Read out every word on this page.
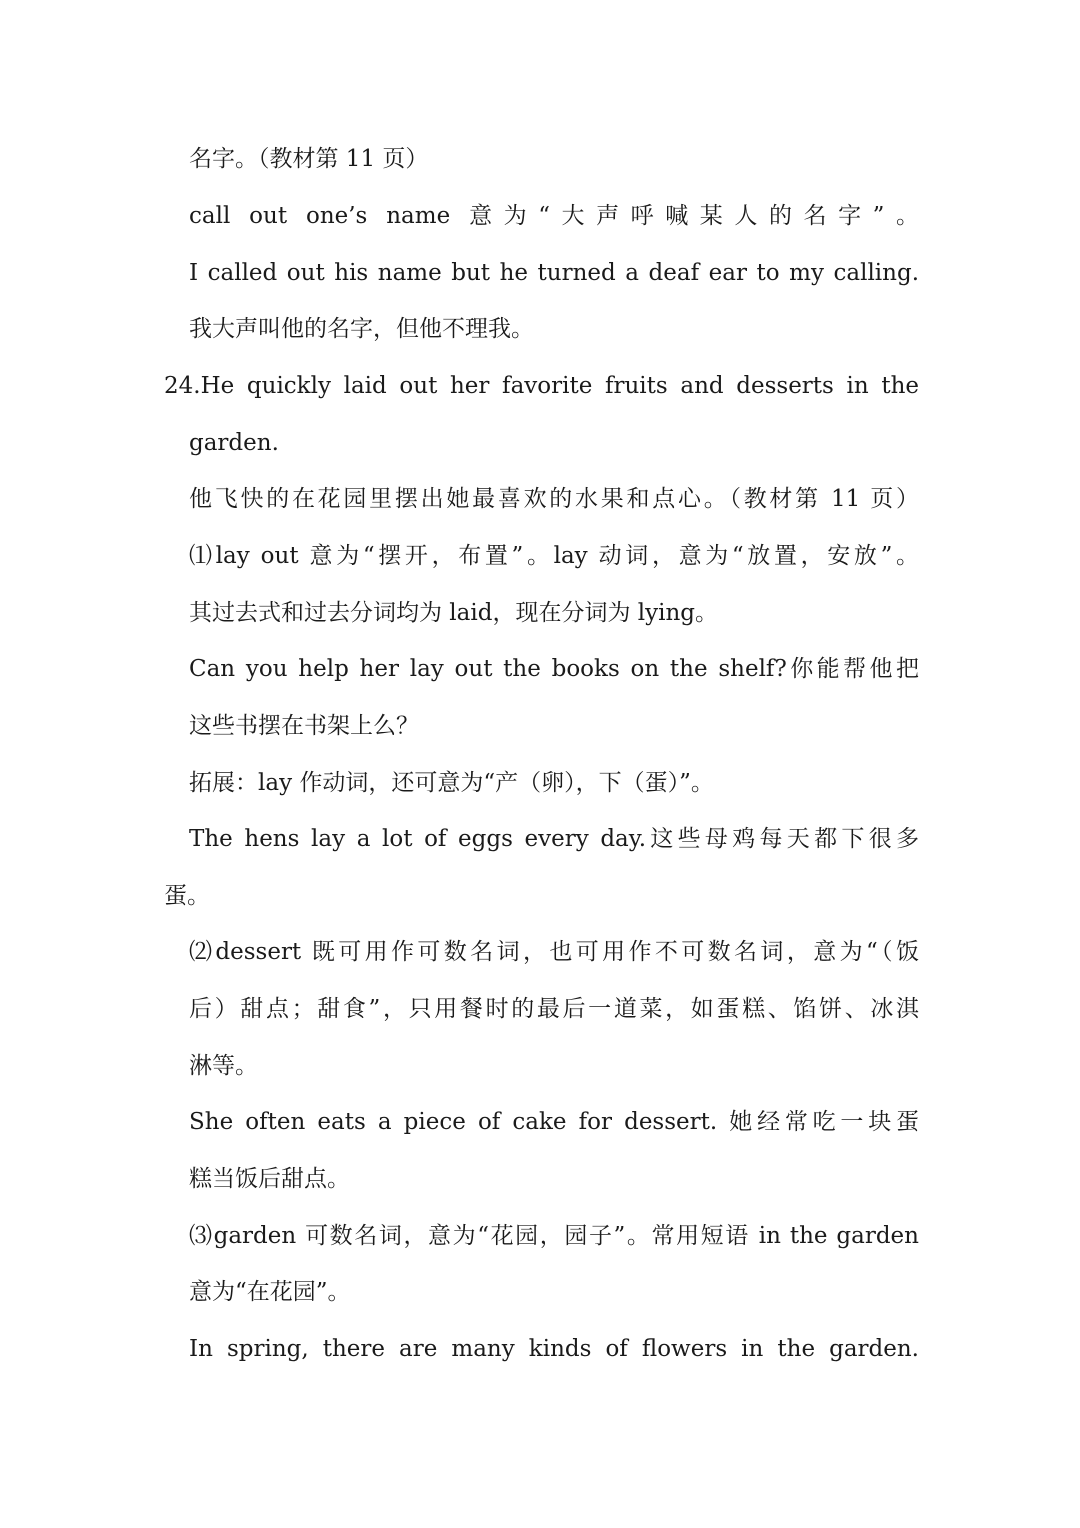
名字。（教材第 11 页）
call out one’s name 意为“大声呼喊某人的名字”。
I called out his name but he turned a deaf ear to my calling.
我大声叫他的名字，但他不理我。
24.He quickly laid out her favorite fruits and desserts in the
garden.
他飞快的在花园里摆出她最喜欢的水果和点心。（教材第 11 页）
⑴lay out 意为“摆开，布置”。lay 动词，意为“放置，安放”。
其过去式和过去分词均为 laid，现在分词为 lying。
Can you help her lay out the books on the shelf?你能帮他把
这些书摆在书架上么？
拓展：lay 作动词，还可意为“产（卵），下（蛋）”。
The hens lay a lot of eggs every day.这些母鸡每天都下很多
蛋。
⑵dessert 既可用作可数名词，也可用作不可数名词，意为“（饭
后）甜点；甜食”，只用餐时的最后一道菜，如蛋糕、馅饼、冰淇
淋等。
She often eats a piece of cake for dessert. 她经常吃一块蛋
糕当饭后甜点。
⑶garden 可数名词，意为“花园，园子”。常用短语 in the garden
意为“在花园”。
In spring, there are many kinds of flowers in the garden.
